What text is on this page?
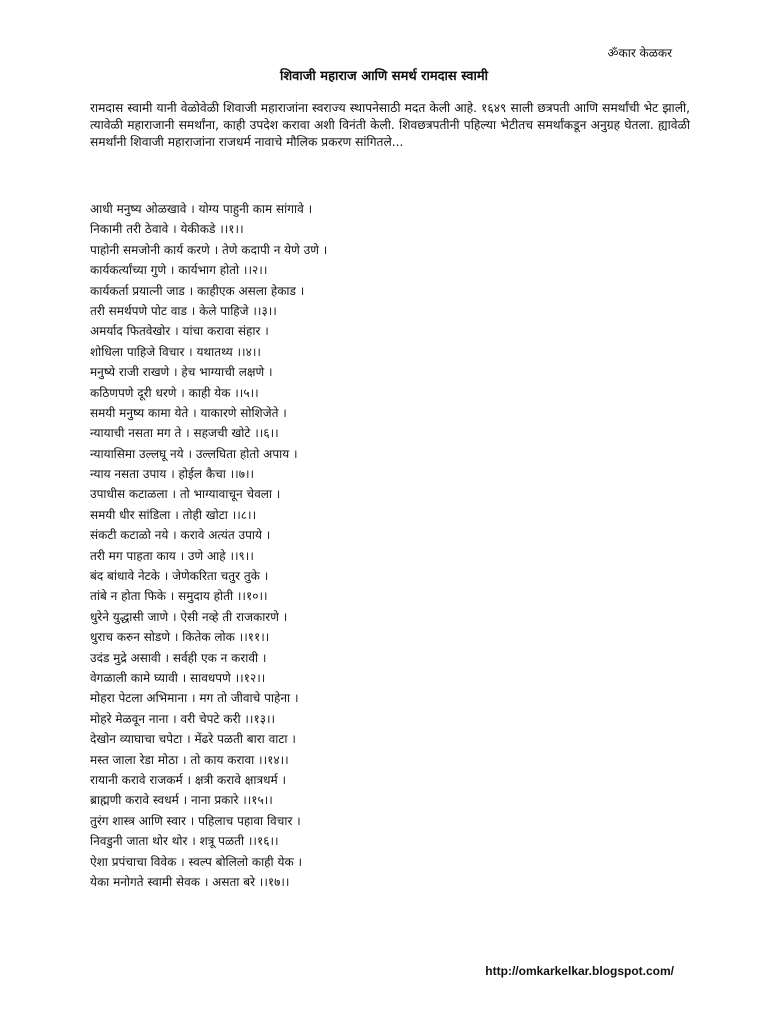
ॐकार केळकर

शिवाजी महाराज आणि समर्थ रामदास स्वामी

रामदास स्वामी यानी वेळोवेळी शिवाजी महाराजांना स्वराज्य स्थापनेसाठी मदत केली आहे. १६४९ साली छत्रपती आणि समर्थांची भेट झाली, त्यावेळी महाराजानी समर्थांना, काही उपदेश करावा अशी विनंती केली. शिवछत्रपतीनी पहिल्या भेटीतच समर्थांकडून अनुग्रह घेतला. ह्यावेळी समर्थांनी शिवाजी महाराजांना राजधर्म नावाचे मौलिक प्रकरण सांगितले...

आधी मनुष्य ओळखावे । योग्य पाहुनी काम सांगावे ।
निकामी तरी ठेवावे । येकीकडे ।।१।।
पाहोनी समजोनी कार्य करणे । तेणे कदापी न येणे उणे ।
कार्यकर्त्यांच्या गुणे । कार्यभाग होतो ।।२।।
कार्यकर्ता प्रयात्नी जाड । काहीएक असला हेकाड ।
तरी समर्थपणे पोट वाड । केले पाहिजे ।।३।।
अमर्याद फितवेखोर । यांचा करावा संहार ।
शोधिला पाहिजे विचार । यथातथ्य ।।४।।
मनुष्ये राजी राखणे । हेच भाग्याची लक्षणे ।
कठिणपणे दूरी धरणे । काही येक ।।५।।
समयी मनुष्य कामा येते । याकारणे सोशिजेते ।
न्यायाची नसता मग ते । सहजची खोटे ।।६।।
न्यायासिमा उल्लघू नये । उल्लघिता होतो अपाय ।
न्याय नसता उपाय । होईल कैचा ।।७।।
उपाधीस कटाळला । तो भाग्यावाचून चेवला ।
समयी धीर सांडिला । तोही खोटा ।।८।।
संकटी कटाळो नये । करावे अत्यंत उपाये ।
तरी मग पाहता काय । उणे आहे ।।९।।
बंद बांधावे नेटके । जेणेकरिता चतुर तुके ।
तांबे न होता फिके । समुदाय होती ।।१०।।
धुरेने युद्धासी जाणे । ऐसी नव्हे ती राजकारणे ।
धुराच करुन सोडणे । कितेक लोक ।।११।।
उदंड मुद्रे असावी । सर्वही एक न करावी ।
वेगळाली कामे घ्यावी । सावधपणे ।।१२।।
मोहरा पेटला अभिमाना । मग तो जीवाचे पाहेना ।
मोहरे मेळवून नाना । वरी चेपटे करी ।।१३।।
देखोन व्याघाचा चपेटा । मेंढरे पळती बारा वाटा ।
मस्त जाला रेडा मोठा । तो काय करावा ।।१४।।
रायानी करावे राजकर्म । क्षत्री करावे क्षात्रधर्म ।
ब्राह्मणी करावे स्वधर्म । नाना प्रकारे ।।१५।।
तुरंग शास्त्र आणि स्वार । पहिलाच पहावा विचार ।
निवडुनी जाता थोर थोर । शत्रू पळती ।।१६।।
ऐशा प्रपंचाचा विवेक । स्वल्प बोलिलो काही येक ।
येका मनोगते स्वामी सेवक । असता बरे ।।१७।।

http://omkarkelkar.blogspot.com/
